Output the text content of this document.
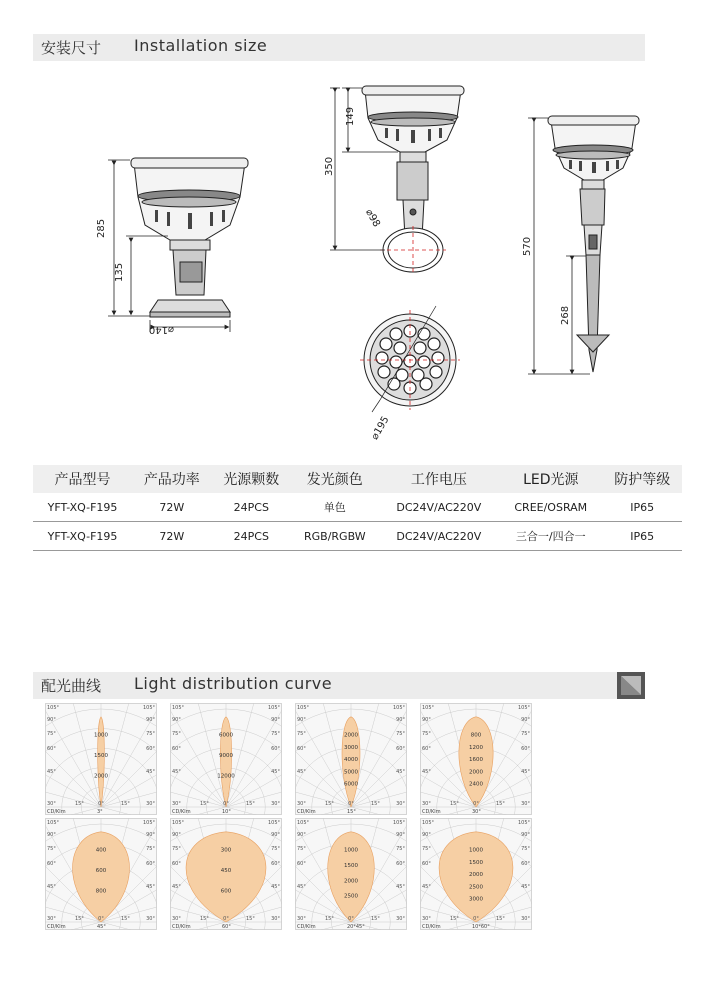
安装尺寸 Installation size
285
135
⌀140
149
350
⌀98
⌀195
570
268
产品型号	产品功率	光源颗数	发光颜色	工作电压	LED光源	防护等级
YFT-XQ-F195	72W	24PCS	单色	DC24V/AC220V	CREE/OSRAM	IP65
YFT-XQ-F195	72W	24PCS	RGB/RGBW	DC24V/AC220V	三合一/四合一	IP65
配光曲线 Light distribution curve
105°	105°
90°	90°
75°	75°
60°	60°
45°	45°
30°	30°
15°	15°
0°
1000
1500
2000
CD/Klm	3°
105°	105°
90°	90°
75°	75°
60°	60°
45°	45°
30°	30°
15°	15°
0°
6000
9000
12000
CD/Klm	10°
105°	105°
90°	90°
75°	75°
60°	60°
45°	45°
30°	30°
15°	15°
0°
2000
3000
4000
5000
6000
CD/Klm	15°
105°	105°
90°	90°
75°	75°
60°	60°
45°	45°
30°	30°
15°	15°
0°
800
1200
1600
2000
2400
CD/Klm	30°
105°	105°
90°	90°
75°	75°
60°	60°
45°	45°
30°	30°
15°	15°
0°
400
600
800
CD/Klm	45°
105°	105°
90°	90°
75°	75°
60°	60°
45°	45°
30°	30°
15°	15°
0°
300
450
600
CD/Klm	60°
105°	105°
90°	90°
75°	75°
60°	60°
45°	45°
30°	30°
15°	15°
0°
1000
1500
2000
2500
CD/Klm	20*45°
105°	105°
90°	90°
75°	75°
60°	60°
45°	45°
30°	30°
15°	15°
0°
1000
1500
2000
2500
3000
CD/Klm	10*60°
